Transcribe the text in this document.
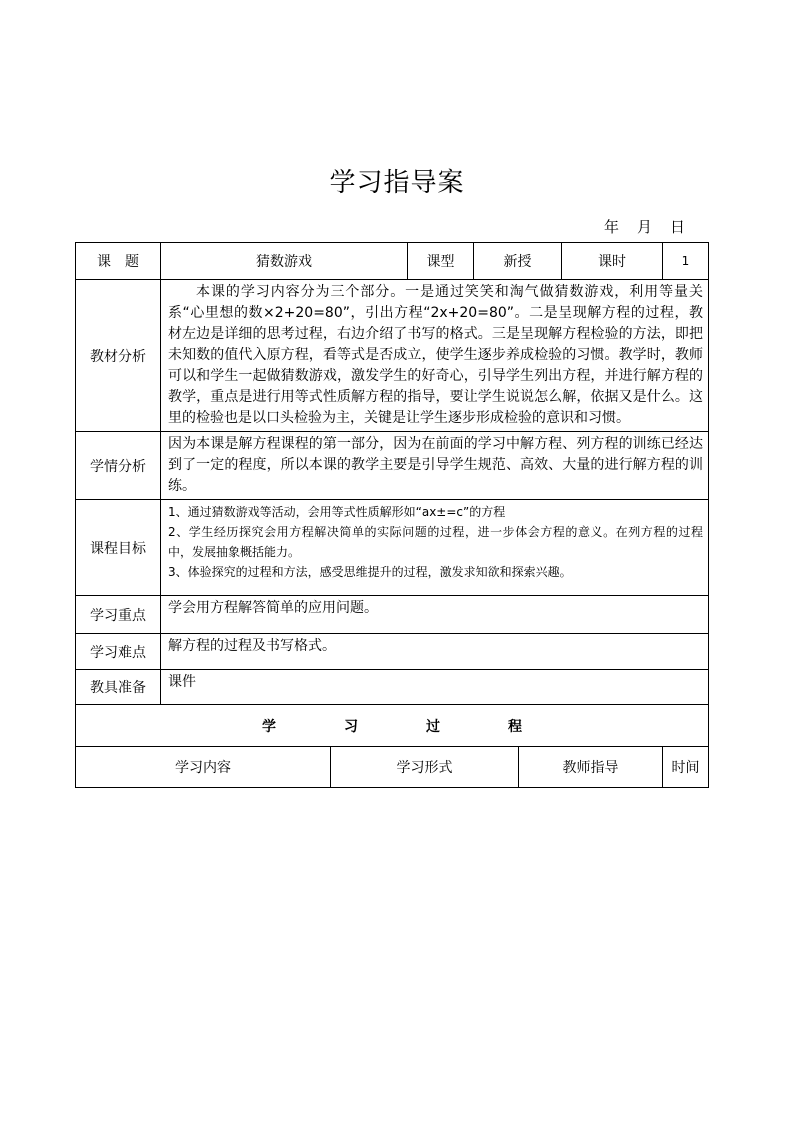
学习指导案
年 月 日
课　题	猜数游戏		课型	新授		课时	1
教材分析	本课的学习内容分为三个部分。一是通过笑笑和淘气做猜数游戏，利用等量关系“心里想的数×2+20=80”，引出方程“2x+20=80”。二是呈现解方程的过程，教材左边是详细的思考过程，右边介绍了书写的格式。三是呈现解方程检验的方法，即把未知数的值代入原方程，看等式是否成立，使学生逐步养成检验的习惯。教学时，教师可以和学生一起做猜数游戏，激发学生的好奇心，引导学生列出方程，并进行解方程的教学，重点是进行用等式性质解方程的指导，要让学生说说怎么解，依据又是什么。这里的检验也是以口头检验为主，关键是让学生逐步形成检验的意识和习惯。						

学情分析	因为本课是解方程课程的第一部分，因为在前面的学习中解方程、列方程的训练已经达到了一定的程度，所以本课的教学主要是引导学生规范、高效、大量的进行解方程的训练。						

课程目标	1、通过猜数游戏等活动，会用等式性质解形如“ax±=c”的方程

2、学生经历探究会用方程解决简单的实际问题的过程，进一步体会方程的意义。在列方程的过程中，发展抽象概括能力。

3、体验探究的过程和方法，感受思维提升的过程，激发求知欲和探索兴趣。						

学习重点	学会用方程解答简单的应用问题。						

学习难点	解方程的过程及书写格式。						

教具准备	课件						

学 习 过 程							
学习内容		学习形式			教师指导		时间
